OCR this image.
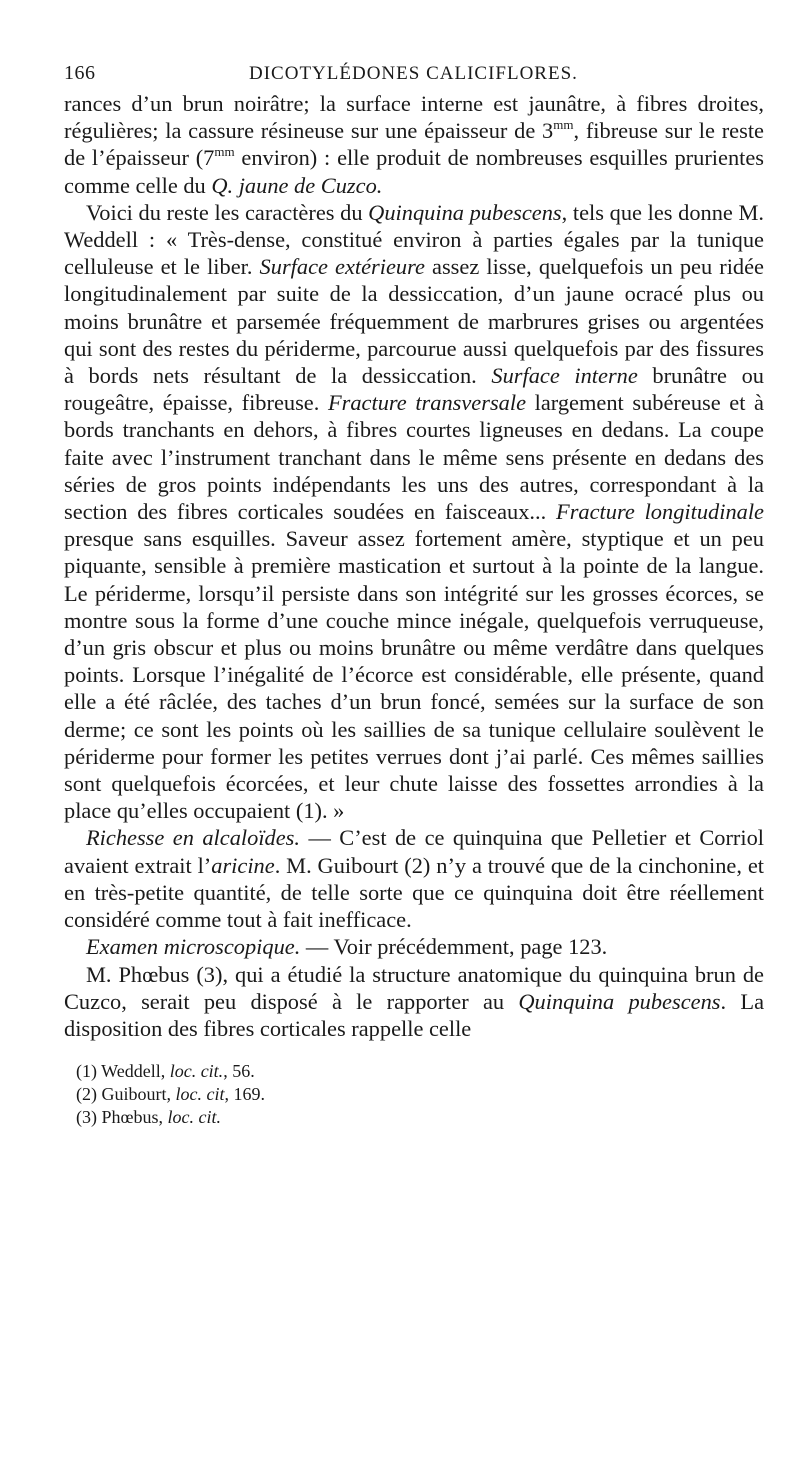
166	DICOTYLÉDONES CALICIFLORES.

rances d’un brun noirâtre; la surface interne est jaunâtre, à fibres droites, régulières; la cassure résineuse sur une épaisseur de $3^{mm}$, fibreuse sur le reste de l’épaisseur ($7^{mm}$ environ) : elle produit de nombreuses esquilles prurientes comme celle du Q. jaune de Cuzco.

Voici du reste les caractères du Quinquina pubescens, tels que les donne M. Weddell : « Très-dense, constitué environ à parties égales par la tunique celluleuse et le liber. Surface extérieure assez lisse, quelquefois un peu ridée longitudinalement par suite de la dessiccation, d’un jaune ocracé plus ou moins brunâtre et parsemée fréquemment de marbrures grises ou argentées qui sont des restes du périderme, parcourue aussi quelquefois par des fissures à bords nets résultant de la dessiccation. Surface interne brunâtre ou rougeâtre, épaisse, fibreuse. Fracture transversale largement subéreuse et à bords tranchants en dehors, à fibres courtes ligneuses en dedans. La coupe faite avec l’instrument tranchant dans le même sens présente en dedans des séries de gros points indépendants les uns des autres, correspondant à la section des fibres corticales soudées en faisceaux... Fracture longitudinale presque sans esquilles. Saveur assez fortement amère, styptique et un peu piquante, sensible à première mastication et surtout à la pointe de la langue. Le périderme, lorsqu’il persiste dans son intégrité sur les grosses écorces, se montre sous la forme d’une couche mince inégale, quelquefois verruqueuse, d’un gris obscur et plus ou moins brunâtre ou même verdâtre dans quelques points. Lorsque l’inégalité de l’écorce est considérable, elle présente, quand elle a été râclée, des taches d’un brun foncé, semées sur la surface de son derme; ce sont les points où les saillies de sa tunique cellulaire soulèvent le périderme pour former les petites verrues dont j’ai parlé. Ces mêmes saillies sont quelquefois écorcées, et leur chute laisse des fossettes arrondies à la place qu’elles occupaient (1). »

Richesse en alcaloïdes. — C’est de ce quinquina que Pelletier et Corriol avaient extrait l’aricine. M. Guibourt (2) n’y a trouvé que de la cinchonine, et en très-petite quantité, de telle sorte que ce quinquina doit être réellement considéré comme tout à fait inefficace.

Examen microscopique. — Voir précédemment, page 123.

M. Phœbus (3), qui a étudié la structure anatomique du quinquina brun de Cuzco, serait peu disposé à le rapporter au Quinquina pubescens. La disposition des fibres corticales rappelle celle

(1) Weddell, loc. cit., 56.
(2) Guibourt, loc. cit, 169.
(3) Phœbus, loc. cit.
